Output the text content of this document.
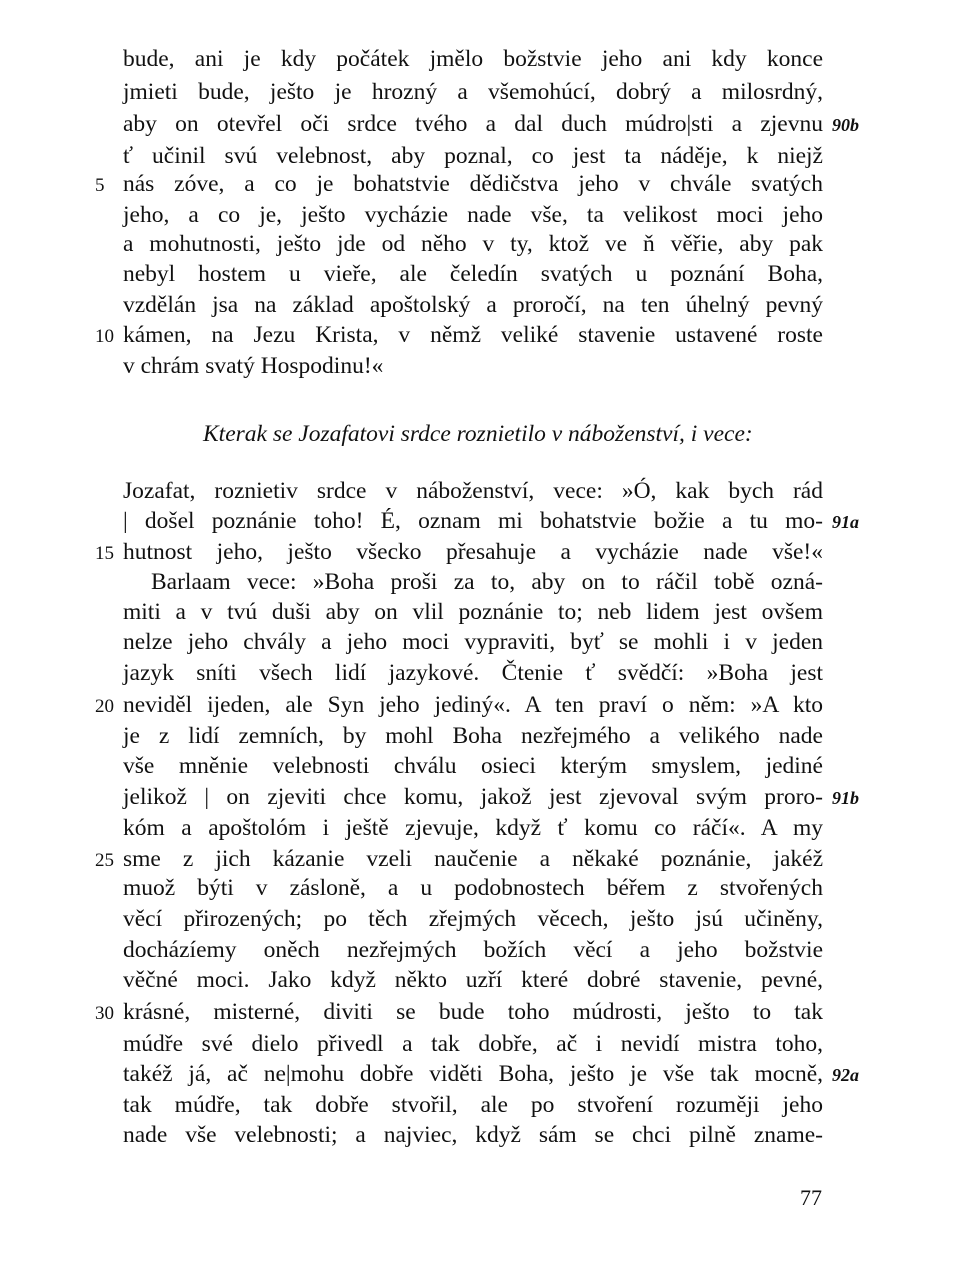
bude, ani je kdy počátek jmělo božstvie jeho ani kdy konce
jmieti bude, ješto je hrozný a všemohúcí, dobrý a milosrdný,
aby on otevřel oči srdce tvého a dal duch múdro|sti a zjevnu
ť učinil svú velebnost, aby poznal, co jest ta náděje, k niejž
nás zóve, a co je bohatstvie dědičstva jeho v chvále svatých
jeho, a co je, ješto vycházie nade vše, ta velikost moci jeho
a mohutnosti, ješto jde od něho v ty, ktož ve ň věřie, aby pak
nebyl hostem u vieře, ale čeledín svatých u poznání Boha,
vzdělán jsa na základ apoštolský a proročí, na ten úhelný pevný
kámen, na Jezu Krista, v němž veliké stavenie ustavené roste
v chrám svatý Hospodinu!«
Kterak se Jozafatovi srdce roznietilo v náboženství, i vece:
Jozafat, roznietiv srdce v náboženství, vece: »Ó, kak bych rád
| došel poznánie toho! É, oznam mi bohatstvie božie a tu mo-
hutnost jeho, ješto všecko přesahuje a vycházie nade vše!«
Barlaam vece: »Boha proši za to, aby on to ráčil tobě ozná-
miti a v tvú duši aby on vlil poznánie to; neb lidem jest ovšem
nelze jeho chvály a jeho moci vypraviti, byť se mohli i v jeden
jazyk sníti všech lidí jazykové. Čtenie ť svědčí: »Boha jest
neviděl ijeden, ale Syn jeho jediný«. A ten praví o něm: »A kto
je z lidí zemních, by mohl Boha nezřejmého a velikého nade
vše mněnie velebnosti chválu osieci kterým smyslem, jediné
jelikož | on zjeviti chce komu, jakož jest zjevoval svým proro-
kóm a apoštolóm i ještě zjevuje, když ť komu co ráčí«. A my
sme z jich kázanie vzeli naučenie a někaké poznánie, jakéž
muož býti v záslоně, a u podobnostech béřem z stvořených
věcí přirozených; po těch zřejmých věcech, ješto jsú učiněny,
docházíemy oněch nezřejmých božích věcí a jeho božstvie
věčné moci. Jako když někto uzří které dobré stavenie, pevné,
krásné, misterné, diviti se bude toho múdrosti, ješto to tak
múdře své dielo přivedl a tak dobře, ač i nevidí mistra toho,
takéž já, ač ne|mohu dobře viděti Boha, ješto je vše tak mocně,
tak múdře, tak dobře stvořil, ale po stvoření rozuměji jeho
nade vše velebnosti; a najviec, když sám se chci pilně zname-
5
10
15
20
25
30
90b
91a
91b
92a
77
